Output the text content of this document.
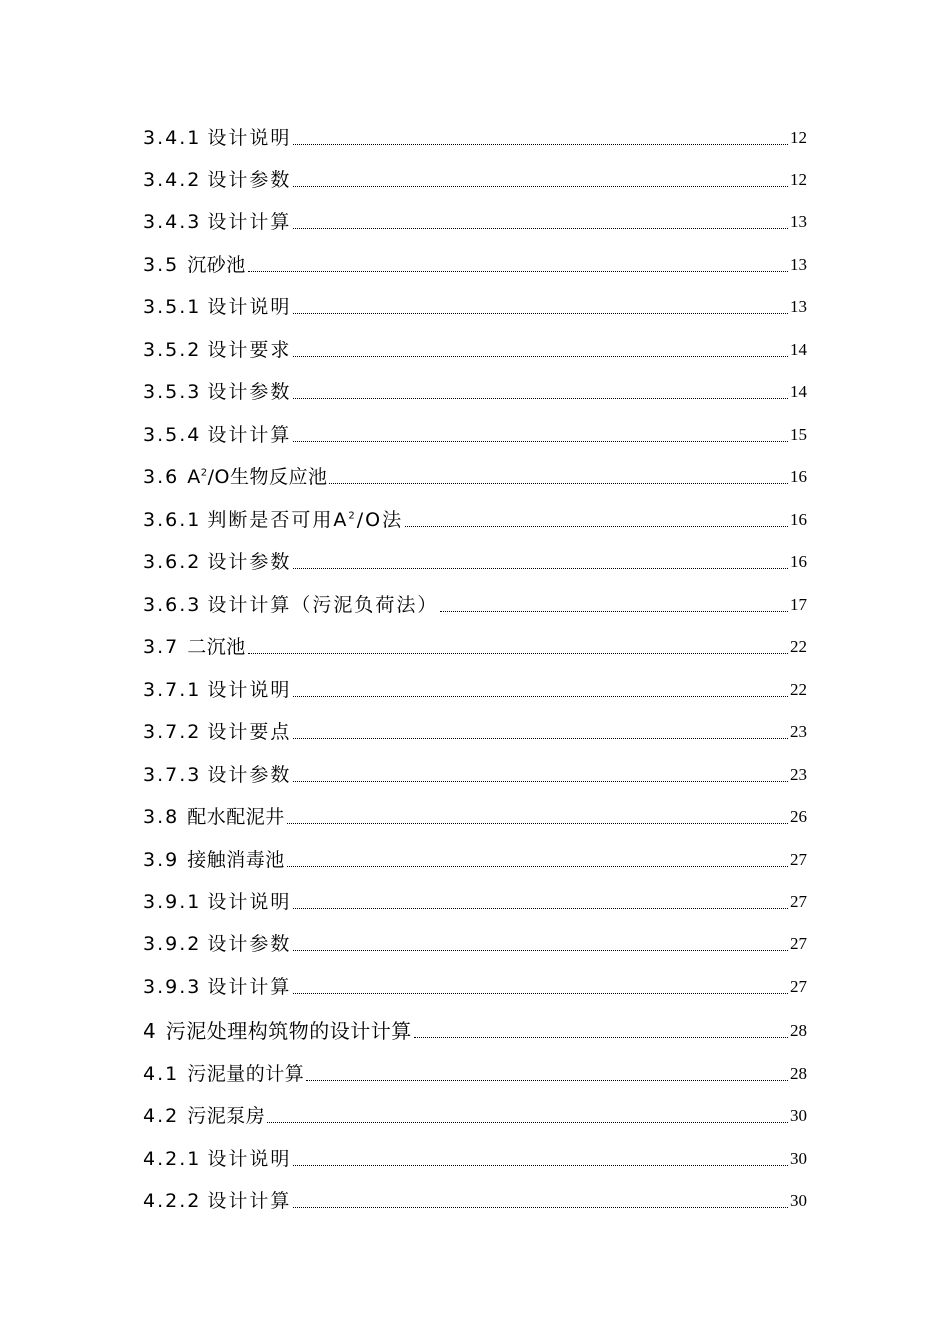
3.4.1 设计说明	12
3.4.2 设计参数	12
3.4.3 设计计算	13
3.5 沉砂池	13
3.5.1 设计说明	13
3.5.2 设计要求	14
3.5.3 设计参数	14
3.5.4 设计计算	15
3.6 $A^2/O$生物反应池	16
3.6.1 判断是否可用$A^2/O$法	16
3.6.2 设计参数	16
3.6.3 设计计算（污泥负荷法）	17
3.7 二沉池	22
3.7.1 设计说明	22
3.7.2 设计要点	23
3.7.3 设计参数	23
3.8 配水配泥井	26
3.9 接触消毒池	27
3.9.1 设计说明	27
3.9.2 设计参数	27
3.9.3 设计计算	27
4 污泥处理构筑物的设计计算	28
4.1 污泥量的计算	28
4.2 污泥泵房	30
4.2.1 设计说明	30
4.2.2 设计计算	30
